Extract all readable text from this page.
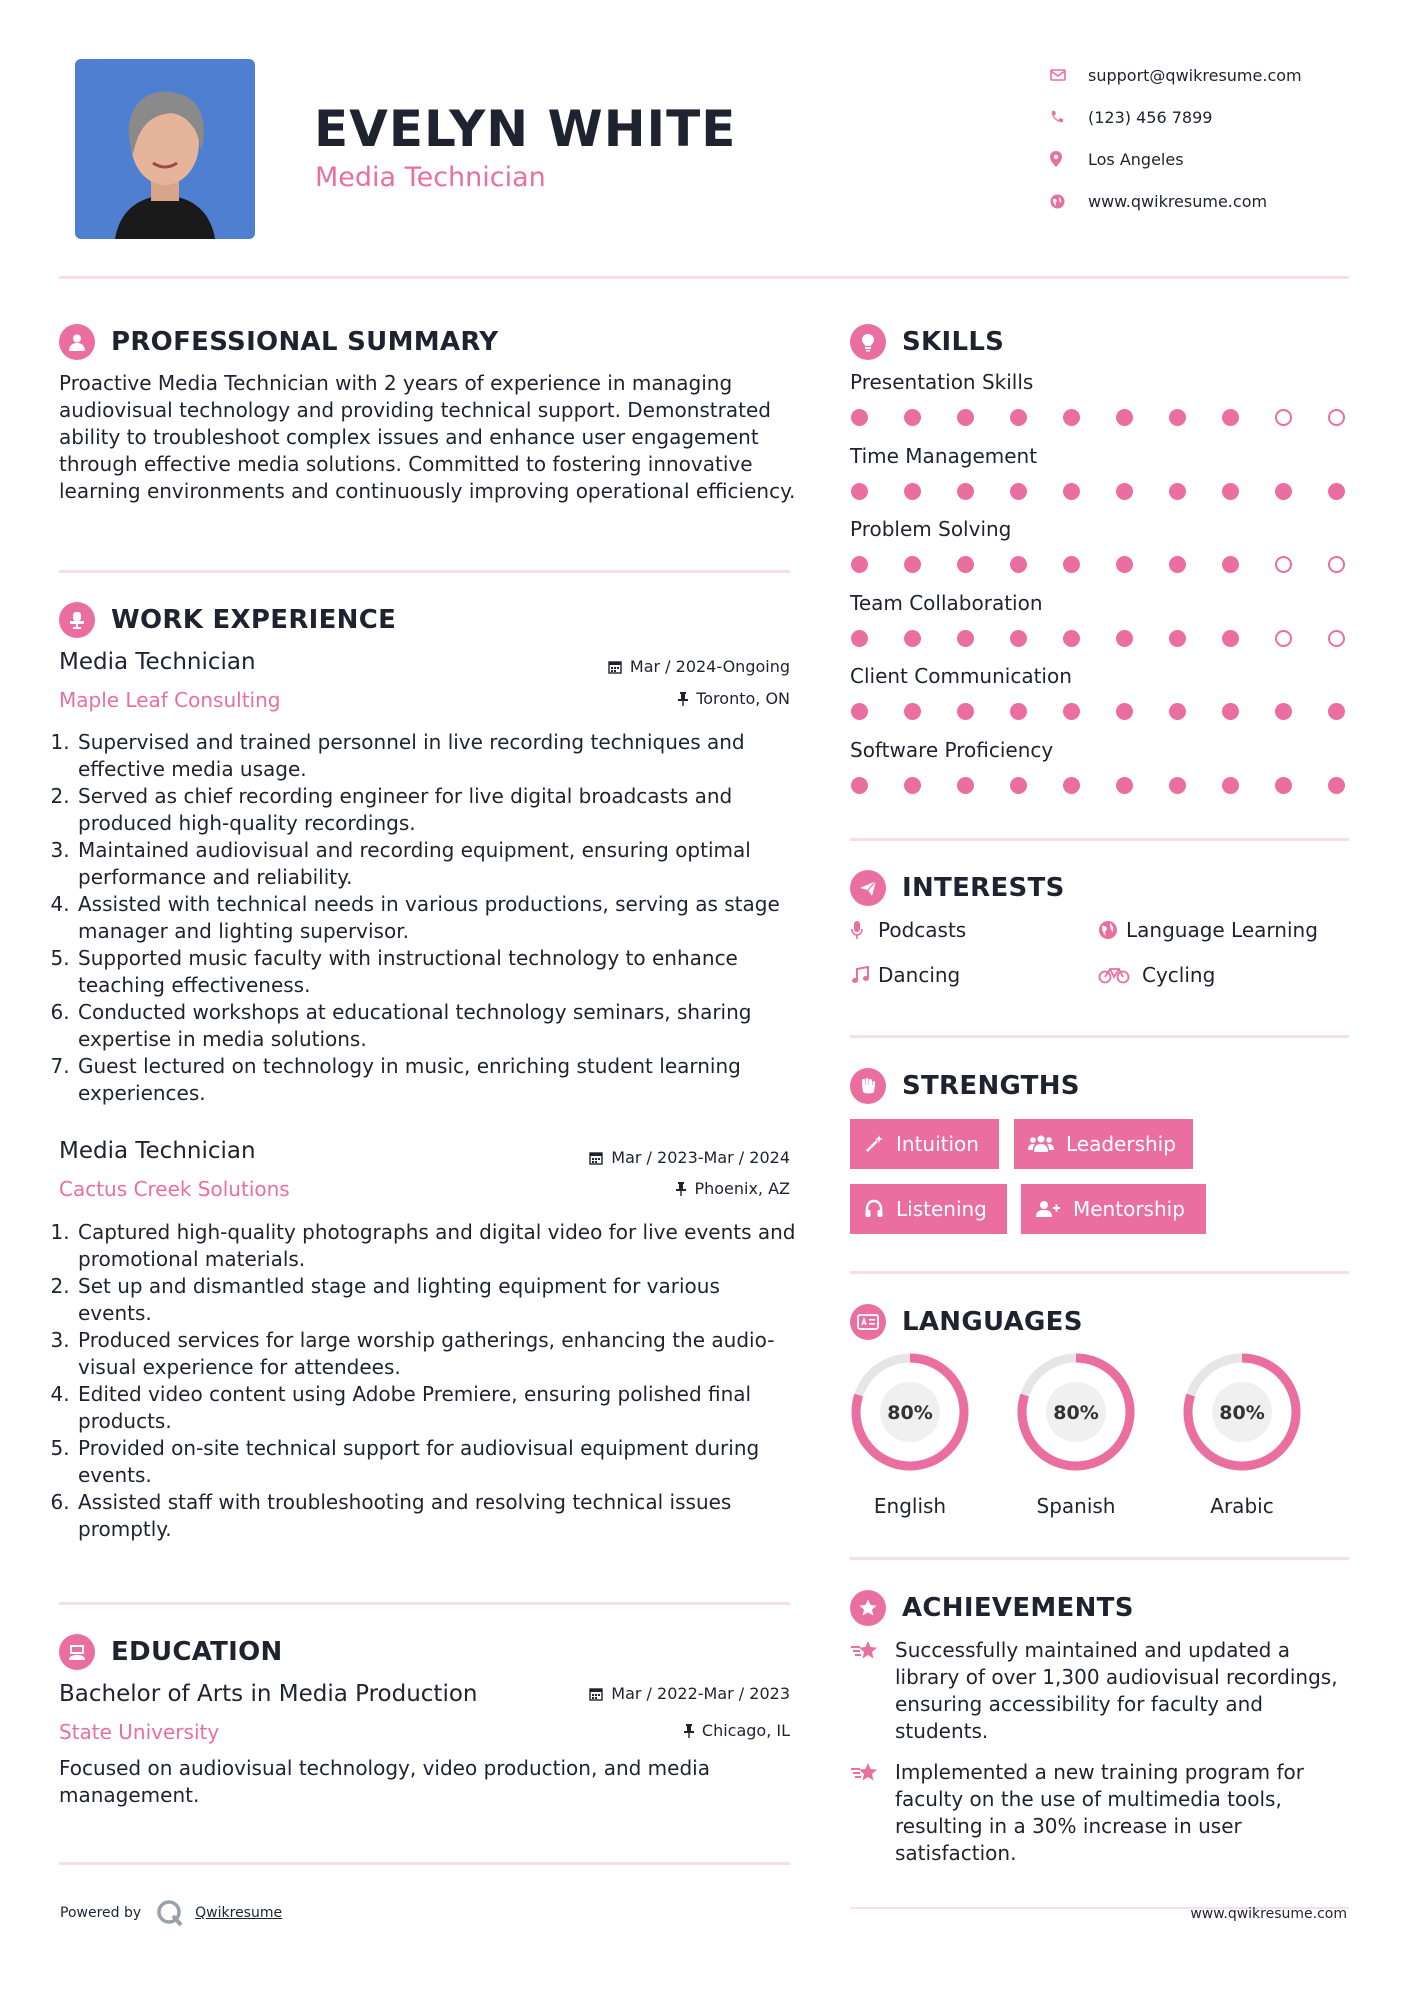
EVELYN WHITE
Media Technician
support@qwikresume.com
(123) 456 7899
Los Angeles
www.qwikresume.com
PROFESSIONAL SUMMARY

Proactive Media Technician with 2 years of experience in managing audiovisual technology and providing technical support. Demonstrated ability to troubleshoot complex issues and enhance user engagement through effective media solutions. Committed to fostering innovative learning environments and continuously improving operational efficiency.

WORK EXPERIENCE
Media Technician
Maple Leaf Consulting
Mar / 2024-Ongoing
Toronto, ON
1. Supervised and trained personnel in live recording techniques and effective media usage.
2. Served as chief recording engineer for live digital broadcasts and produced high-quality recordings.
3. Maintained audiovisual and recording equipment, ensuring optimal performance and reliability.
4. Assisted with technical needs in various productions, serving as stage manager and lighting supervisor.
5. Supported music faculty with instructional technology to enhance teaching effectiveness.
6. Conducted workshops at educational technology seminars, sharing expertise in media solutions.
7. Guest lectured on technology in music, enriching student learning experiences.
Media Technician
Cactus Creek Solutions
Mar / 2023-Mar / 2024
Phoenix, AZ
1. Captured high-quality photographs and digital video for live events and promotional materials.
2. Set up and dismantled stage and lighting equipment for various events.
3. Produced services for large worship gatherings, enhancing the audio-visual experience for attendees.
4. Edited video content using Adobe Premiere, ensuring polished final products.
5. Provided on-site technical support for audiovisual equipment during events.
6. Assisted staff with troubleshooting and resolving technical issues promptly.
EDUCATION
Bachelor of Arts in Media Production
State University
Mar / 2022-Mar / 2023
Chicago, IL

Focused on audiovisual technology, video production, and media management.

SKILLS
Presentation Skills
Time Management
Problem Solving
Team Collaboration
Client Communication
Software Proficiency
INTERESTS
Podcasts	Language Learning
Dancing	Cycling
STRENGTHS
Intuition	Leadership
Listening	Mentorship
LANGUAGES
80%
English
80%
Spanish
80%
Arabic
ACHIEVEMENTS
Successfully maintained and updated a library of over 1,300 audiovisual recordings, ensuring accessibility for faculty and students.
Implemented a new training program for faculty on the use of multimedia tools, resulting in a 30% increase in user satisfaction.
Powered by	Qwikresume	www.qwikresume.com
